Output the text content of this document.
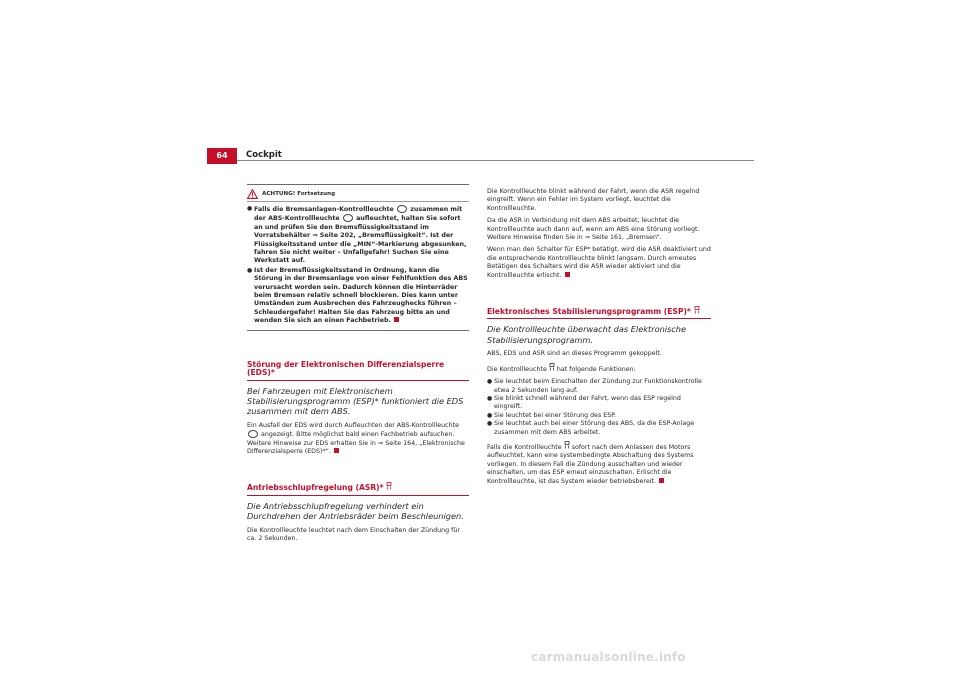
64	Cockpit
ACHTUNG! Fortsetzung
● Falls die Bremsanlagen-Kontrollleuchte	zusammen mit der ABS-Kontrollleuchte	aufleuchtet, halten Sie sofort an und prüfen Sie den Bremsflüssigkeitsstand im Vorratsbehälter ⇒ Seite 202, „Bremsflüssigkeit“. Ist der Flüssigkeitsstand unter die „MIN“-Markierung abgesunken, fahren Sie nicht weiter – Unfallgefahr! Suchen Sie eine Werkstatt auf.
● Ist der Bremsflüssigkeitsstand in Ordnung, kann die Störung in der Bremsanlage von einer Fehlfunktion des ABS verursacht worden sein. Dadurch können die Hinterräder beim Bremsen relativ schnell blockieren. Dies kann unter Umständen zum Ausbrechen des Fahrzeughecks führen – Schleudergefahr! Halten Sie das Fahrzeug bitte an und wenden Sie sich an einen Fachbetrieb.
Störung der Elektronischen Differenzialsperre (EDS)*
Bei Fahrzeugen mit Elektronischem Stabilisierungsprogramm (ESP)* funktioniert die EDS zusammen mit dem ABS.

Ein Ausfall der EDS wird durch Aufleuchten der ABS-Kontrollleuchte  angezeigt. Bitte möglichst bald einen Fachbetrieb aufsuchen. Weitere Hinweise zur EDS erhalten Sie in ⇒ Seite 164, „Elektronische Differenzialsperre (EDS)*“.

Antriebsschlupfregelung (ASR)*
Die Antriebsschlupfregelung verhindert ein Durchdrehen der Antriebsräder beim Beschleunigen.

Die Kontrollleuchte leuchtet nach dem Einschalten der Zündung für ca. 2 Sekunden.

Die Kontrollleuchte blinkt während der Fahrt, wenn die ASR regelnd eingreift. Wenn ein Fehler im System vorliegt, leuchtet die Kontrollleuchte.

Da die ASR in Verbindung mit dem ABS arbeitet, leuchtet die Kontrollleuchte auch dann auf, wenn am ABS eine Störung vorliegt. Weitere Hinweise finden Sie in ⇒ Seite 161, „Bremsen“.

Wenn man den Schalter für ESP* betätigt, wird die ASR deaktiviert und die entsprechende Kontrollleuchte blinkt langsam. Durch erneutes Betätigen des Schalters wird die ASR wieder aktiviert und die Kontrollleuchte erlischt.

Elektronisches Stabilisierungsprogramm (ESP)*
Die Kontrollleuchte überwacht das Elektronische Stabilisierungsprogramm.

ABS, EDS und ASR sind an dieses Programm gekoppelt.

Die Kontrollleuchte hat folgende Funktionen:

● Sie leuchtet beim Einschalten der Zündung zur Funktionskontrolle etwa 2 Sekunden lang auf.
● Sie blinkt schnell während der Fahrt, wenn das ESP regelnd eingreift.
● Sie leuchtet bei einer Störung des ESP.
● Sie leuchtet auch bei einer Störung des ABS, da die ESP-Anlage zusammen mit dem ABS arbeitet.

Falls die Kontrollleuchte sofort nach dem Anlassen des Motors aufleuchtet, kann eine systembedingte Abschaltung des Systems vorliegen. In diesem Fall die Zündung ausschalten und wieder einschalten, um das ESP erneut einzuschalten. Erlischt die Kontrollleuchte, ist das System wieder betriebsbereit.

carmanualsonline.info
